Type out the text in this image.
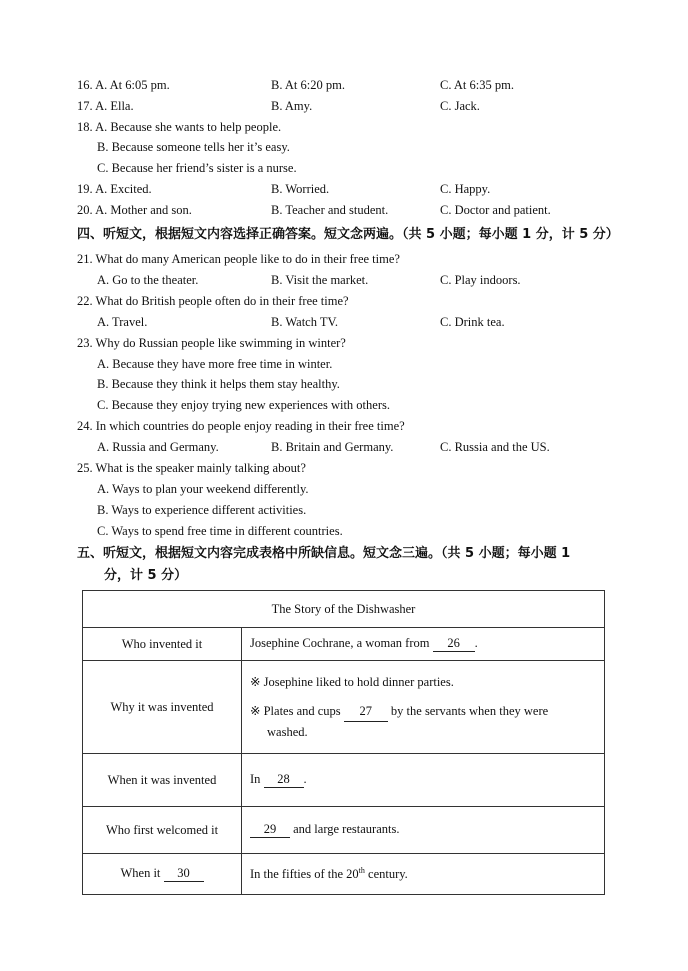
16. A. At 6:05 pm.	B. At 6:20 pm.	C. At 6:35 pm.
17. A. Ella.	B. Amy.	C. Jack.
18. A. Because she wants to help people.
B. Because someone tells her it’s easy.
C. Because her friend’s sister is a nurse.
19. A. Excited.	B. Worried.	C. Happy.
20. A. Mother and son.	B. Teacher and student.	C. Doctor and patient.
四、听短文，根据短文内容选择正确答案。短文念两遍。（共 5 小题；每小题 1 分，计 5 分）
21. What do many American people like to do in their free time?
A. Go to the theater.	B. Visit the market.	C. Play indoors.
22. What do British people often do in their free time?
A. Travel.	B. Watch TV.	C. Drink tea.
23. Why do Russian people like swimming in winter?
A. Because they have more free time in winter.
B. Because they think it helps them stay healthy.
C. Because they enjoy trying new experiences with others.
24. In which countries do people enjoy reading in their free time?
A. Russia and Germany.	B. Britain and Germany.	C. Russia and the US.
25. What is the speaker mainly talking about?
A. Ways to plan your weekend differently.
B. Ways to experience different activities.
C. Ways to spend free time in different countries.
五、听短文，根据短文内容完成表格中所缺信息。短文念三遍。（共 5 小题；每小题 1
分，计 5 分）
The Story of the Dishwasher	
Who invented it	Josephine Cochrane, a woman from 26 .
Why it was invented	※ Josephine liked to hold dinner parties.
※ Plates and cups 27 by the servants when they were
washed.

When it was invented	In 28 .
Who first welcomed it	29 and large restaurants.
When it 30	In the fifties of the 20th century.
